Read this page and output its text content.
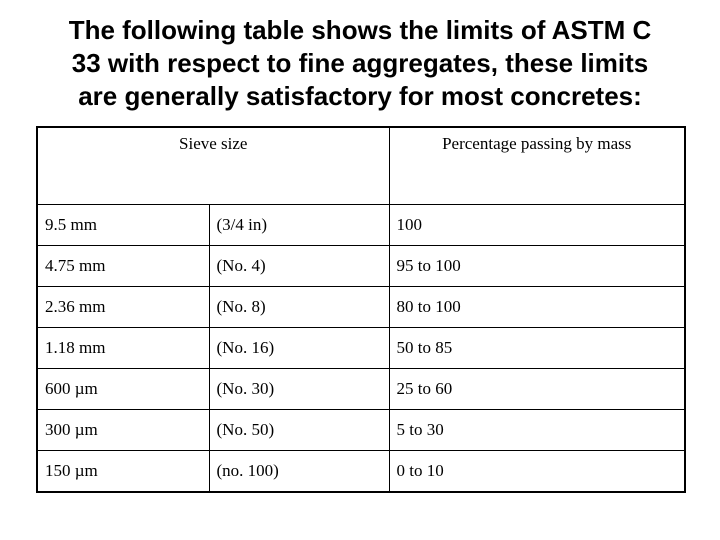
The following table shows the limits of ASTM C
33 with respect to fine aggregates, these limits
are generally satisfactory for most concretes:
Sieve size		Percentage passing by mass
9.5 mm	(3/4 in)	100
4.75 mm	(No. 4)	95 to 100
2.36 mm	(No. 8)	80 to 100
1.18 mm	(No. 16)	50 to 85
600 µm	(No. 30)	25 to 60
300 µm	(No. 50)	5 to 30
150 µm	(no. 100)	0 to 10
